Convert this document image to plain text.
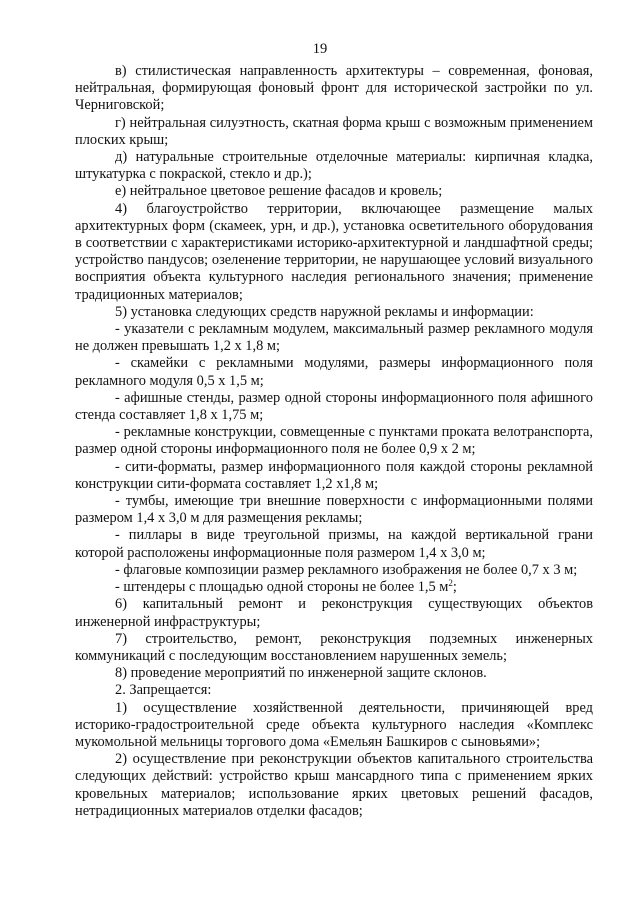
19

в) стилистическая направленность архитектуры – современная, фоновая, нейтральная, формирующая фоновый фронт для исторической застройки по ул. Черниговской;

г) нейтральная силуэтность, скатная форма крыш с возможным применением плоских крыш;

д) натуральные строительные отделочные материалы: кирпичная кладка, штукатурка с покраской, стекло и др.);

е) нейтральное цветовое решение фасадов и кровель;

4) благоустройство территории, включающее размещение малых архитектурных форм (скамеек, урн, и др.), установка осветительного оборудования в соответствии с характеристиками историко-архитектурной и ландшафтной среды; устройство пандусов; озеленение территории, не нарушающее условий визуального восприятия объекта культурного наследия регионального значения; применение традиционных материалов;

5) установка следующих средств наружной рекламы и информации:

- указатели с рекламным модулем, максимальный размер рекламного модуля не должен превышать 1,2 х 1,8 м;

- скамейки с рекламными модулями, размеры информационного поля рекламного модуля 0,5 х 1,5 м;

- афишные стенды, размер одной стороны информационного поля афишного стенда составляет 1,8 х 1,75 м;

- рекламные конструкции, совмещенные с пунктами проката велотранспорта, размер одной стороны информационного поля не более 0,9 х 2 м;

- сити-форматы, размер информационного поля каждой стороны рекламной конструкции сити-формата составляет 1,2 х1,8 м;

- тумбы, имеющие три внешние поверхности с информационными полями размером 1,4 х 3,0 м для размещения рекламы;

- пиллары в виде треугольной призмы, на каждой вертикальной грани которой расположены информационные поля размером 1,4 х 3,0 м;

- флаговые композиции размер рекламного изображения не более 0,7 х 3 м;

- штендеры с площадью одной стороны не более 1,5 $м^2$;

6) капитальный ремонт и реконструкция существующих объектов инженерной инфраструктуры;

7) строительство, ремонт, реконструкция подземных инженерных коммуникаций с последующим восстановлением нарушенных земель;

8) проведение мероприятий по инженерной защите склонов.

2. Запрещается:

1) осуществление хозяйственной деятельности, причиняющей вред историко-градостроительной среде объекта культурного наследия «Комплекс мукомольной мельницы торгового дома «Емельян Башкиров с сыновьями»;

2) осуществление при реконструкции объектов капитального строительства следующих действий: устройство крыш мансардного типа с применением ярких кровельных материалов; использование ярких цветовых решений фасадов, нетрадиционных материалов отделки фасадов;
